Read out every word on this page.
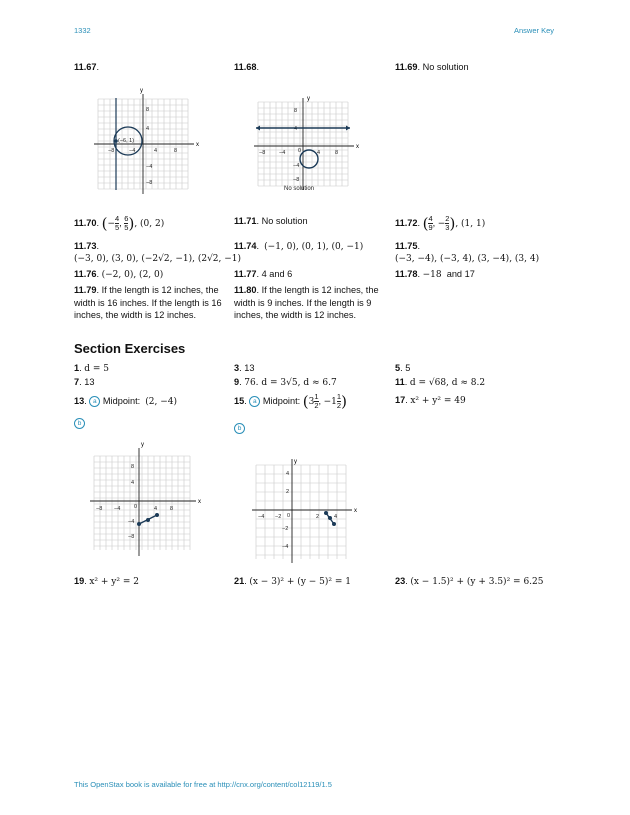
1332	Answer Key
11.67.	11.68.	11.69. No solution
y
x
−8	−4	4	8
8
4
−4
−8
(−6, 1)
y
x
−8 −4 0	4	8
8
4
−4
−8
No solution
11.70. (− $\frac{4}{5}$ , $\frac{6}{5}$ ), (0, 2)	11.71. No solution	11.72. ( $\frac{4}{9}$ , − $\frac{2}{3}$ ), (1, 1)
11.73.
(−3, 0), (3, 0), (−2√2, −1), (2√2, −1)
11.74.  (−1, 0), (0, 1), (0, −1)	11.75.
(−3, −4), (−3, 4), (3, −4), (3, 4)
11.76. (−2, 0), (2, 0)	11.77. 4 and 6	11.78. −18 and 17
11.79. If the length is 12 inches, the width is 16 inches. If the length is 16 inches, the width is 12 inches.
11.80. If the length is 12 inches, the width is 9 inches. If the length is 9 inches, the width is 12 inches.
Section Exercises
1. d = 5	3. 13	5. 5
7. 13	9. 76. d = 3√5, d ≈ 6.7	11. d = √68, d ≈ 8.2
13. a Midpoint: (2, −4)	15. a Midpoint: ($3 \frac{1}{2}$ , $-1 \frac{1}{2}$ )	17. x² + y² = 49
b
b
y
x
−8 −4 0	4 8
8
4
−4
−8
y
x
−4 −2 0	2	4
4
2
−2
−4
19. x² + y² = 2	21. (x − 3)² + (y − 5)² = 1	23. (x − 1.5)² + (y + 3.5)² = 6.25
This OpenStax book is available for free at http://cnx.org/content/col12119/1.5
